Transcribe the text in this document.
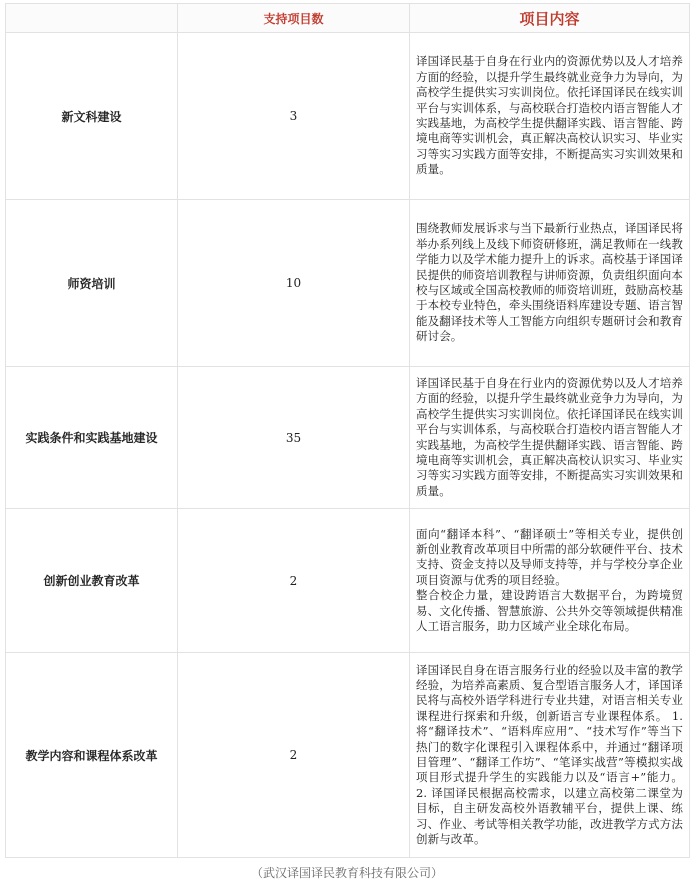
	支持项目数	项目内容
新文科建设	3	译国译民基于自身在行业内的资源优势以及人才培养方面的经验，以提升学生最终就业竞争力为导向，为高校学生提供实习实训岗位。依托译国译民在线实训平台与实训体系，与高校联合打造校内语言智能人才实践基地，为高校学生提供翻译实践、语言智能、跨境电商等实训机会，真正解决高校认识实习、毕业实习等实习实践方面等安排，不断提高实习实训效果和质量。

师资培训	10	围绕教师发展诉求与当下最新行业热点，译国译民将举办系列线上及线下师资研修班，满足教师在一线教学能力以及学术能力提升上的诉求。高校基于译国译民提供的师资培训教程与讲师资源，负责组织面向本校与区域或全国高校教师的师资培训班，鼓励高校基于本校专业特色，牵头围绕语料库建设专题、语言智能及翻译技术等人工智能方向组织专题研讨会和教育研讨会。

实践条件和实践基地建设	35	译国译民基于自身在行业内的资源优势以及人才培养方面的经验，以提升学生最终就业竞争力为导向，为高校学生提供实习实训岗位。依托译国译民在线实训平台与实训体系，与高校联合打造校内语言智能人才实践基地，为高校学生提供翻译实践、语言智能、跨境电商等实训机会，真正解决高校认识实习、毕业实习等实习实践方面等安排，不断提高实习实训效果和质量。

创新创业教育改革	2	面向“翻译本科”、“翻译硕士”等相关专业，提供创新创业教育改革项目中所需的部分软硬件平台、技术支持、资金支持以及导师支持等，并与学校分享企业项目资源与优秀的项目经验。
整合校企力量，建设跨语言大数据平台，为跨境贸易、文化传播、智慧旅游、公共外交等领域提供精准人工语言服务，助力区域产业全球化布局。

教学内容和课程体系改革	2	译国译民自身在语言服务行业的经验以及丰富的教学经验，为培养高素质、复合型语言服务人才，译国译民将与高校外语学科进行专业共建，对语言相关专业课程进行探索和升级，创新语言专业课程体系。 1. 将“翻译技术”、“语料库应用”、“技术写作”等当下热门的数字化课程引入课程体系中，并通过“翻译项目管理”、“翻译工作坊”、“笔译实战营”等模拟实战项目形式提升学生的实践能力以及“语言+”能力。 2. 译国译民根据高校需求，以建立高校第二课堂为目标，自主研发高校外语教辅平台，提供上课、练习、作业、考试等相关教学功能，改进教学方式方法创新与改革。
（武汉译国译民教育科技有限公司）
